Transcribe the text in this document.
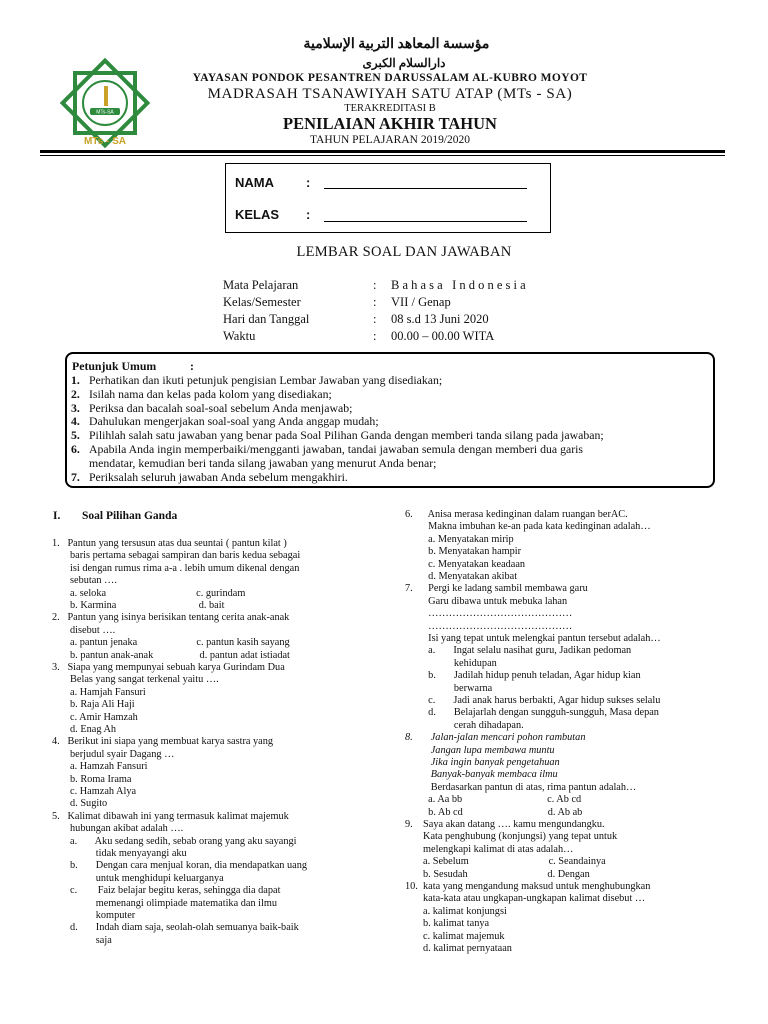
MTs-SA
MTs - SA
مؤسسة المعاهد التربية الإسلامية
دارالسلام الكبرى
YAYASAN PONDOK PESANTREN DARUSSALAM AL-KUBRO MOYOT
MADRASAH TSANAWIYAH SATU ATAP (MTs - SA)
TERAKREDITASI B
PENILAIAN AKHIR TAHUN
TAHUN PELAJARAN 2019/2020
NAMA :
KELAS :
LEMBAR SOAL DAN JAWABAN
Mata Pelajaran	: B a h a s a   I n d o n e s i a
Kelas/Semester	: VII / Genap
Hari dan Tanggal	: 08 s.d 13 Juni 2020
Waktu	: 00.00 – 00.00 WITA
Petunjuk Umum	:
1. Perhatikan dan ikuti petunjuk pengisian Lembar Jawaban yang disediakan;
2. Isilah nama dan kelas pada kolom yang disediakan;
3. Periksa dan bacalah soal-soal sebelum Anda menjawab;
4. Dahulukan mengerjakan soal-soal yang Anda anggap mudah;
5. Pilihlah salah satu jawaban yang benar pada Soal Pilihan Ganda dengan memberi tanda silang pada jawaban;
6. Apabila Anda ingin memperbaiki/mengganti jawaban, tandai jawaban semula dengan memberi dua garis
mendatar, kemudian beri tanda silang jawaban yang menurut Anda benar;
7. Periksalah seluruh jawaban Anda sebelum mengakhiri.
I. Soal Pilihan Ganda
1.   Pantun yang tersusun atas dua seuntai ( pantun kilat )
baris pertama sebagai sampiran dan baris kedua sebagai
isi dengan rumus rima a-a . lebih umum dikenal dengan
sebutan ….
a. seloka                                   c. gurindam
b. Karmina                                d. bait
2.   Pantun yang isinya berisikan tentang cerita anak-anak
disebut ….
a. pantun jenaka                       c. pantun kasih sayang
b. pantun anak-anak                  d. pantun adat istiadat
3.   Siapa yang mempunyai sebuah karya Gurindam Dua
Belas yang sangat terkenal yaitu ….
a. Hamjah Fansuri
b. Raja Ali Haji
c. Amir Hamzah
d. Enag Ah
4.   Berikut ini siapa yang membuat karya sastra yang
berjudul syair Dagang …
a. Hamzah Fansuri
b. Roma Irama
c. Hamzah Alya
d. Sugito
5.   Kalimat dibawah ini yang termasuk kalimat majemuk
hubungan akibat adalah ….
a.       Aku sedang sedih, sebab orang yang aku sayangi
tidak menyayangi aku
b.       Dengan cara menjual koran, dia mendapatkan uang
untuk menghidupi keluarganya
c.        Faiz belajar begitu keras, sehingga dia dapat
memenangi olimpiade matematika dan ilmu
komputer
d.       Indah diam saja, seolah-olah semuanya baik-baik
saja
6.      Anisa merasa kedinginan dalam ruangan berAC.
Makna imbuhan ke-an pada kata kedinginan adalah…
a. Menyatakan mirip
b. Menyatakan hampir
c. Menyatakan keadaan
d. Menyatakan akibat
7.      Pergi ke ladang sambil membawa garu
Garu dibawa untuk mebuka lahan
……………………………………
……………………………………
Isi yang tepat untuk melengkai pantun tersebut adalah…
a.       Ingat selalu nasihat guru, Jadikan pedoman
kehidupan
b.       Jadilah hidup penuh teladan, Agar hidup kian
berwarna
c.       Jadi anak harus berbakti, Agar hidup sukses selalu
d.       Belajarlah dengan sungguh-sungguh, Masa depan
cerah dihadapan.
8.       Jalan-jalan mencari pohon rambutan
Jangan lupa membawa muntu
Jika ingin banyak pengetahuan
Banyak-banyak membaca ilmu
Berdasarkan pantun di atas, rima pantun adalah…
a. Aa bb                                 c. Ab cd
b. Ab cd                                 d. Ab ab
9.    Saya akan datang …. kamu mengundangku.
Kata penghubung (konjungsi) yang tepat untuk
melengkapi kalimat di atas adalah…
a. Sebelum                               c. Seandainya
b. Sesudah                               d. Dengan
10.  kata yang mengandung maksud untuk menghubungkan
kata-kata atau ungkapan-ungkapan kalimat disebut …
a. kalimat konjungsi
b. kalimat tanya
c. kalimat majemuk
d. kalimat pernyataan
